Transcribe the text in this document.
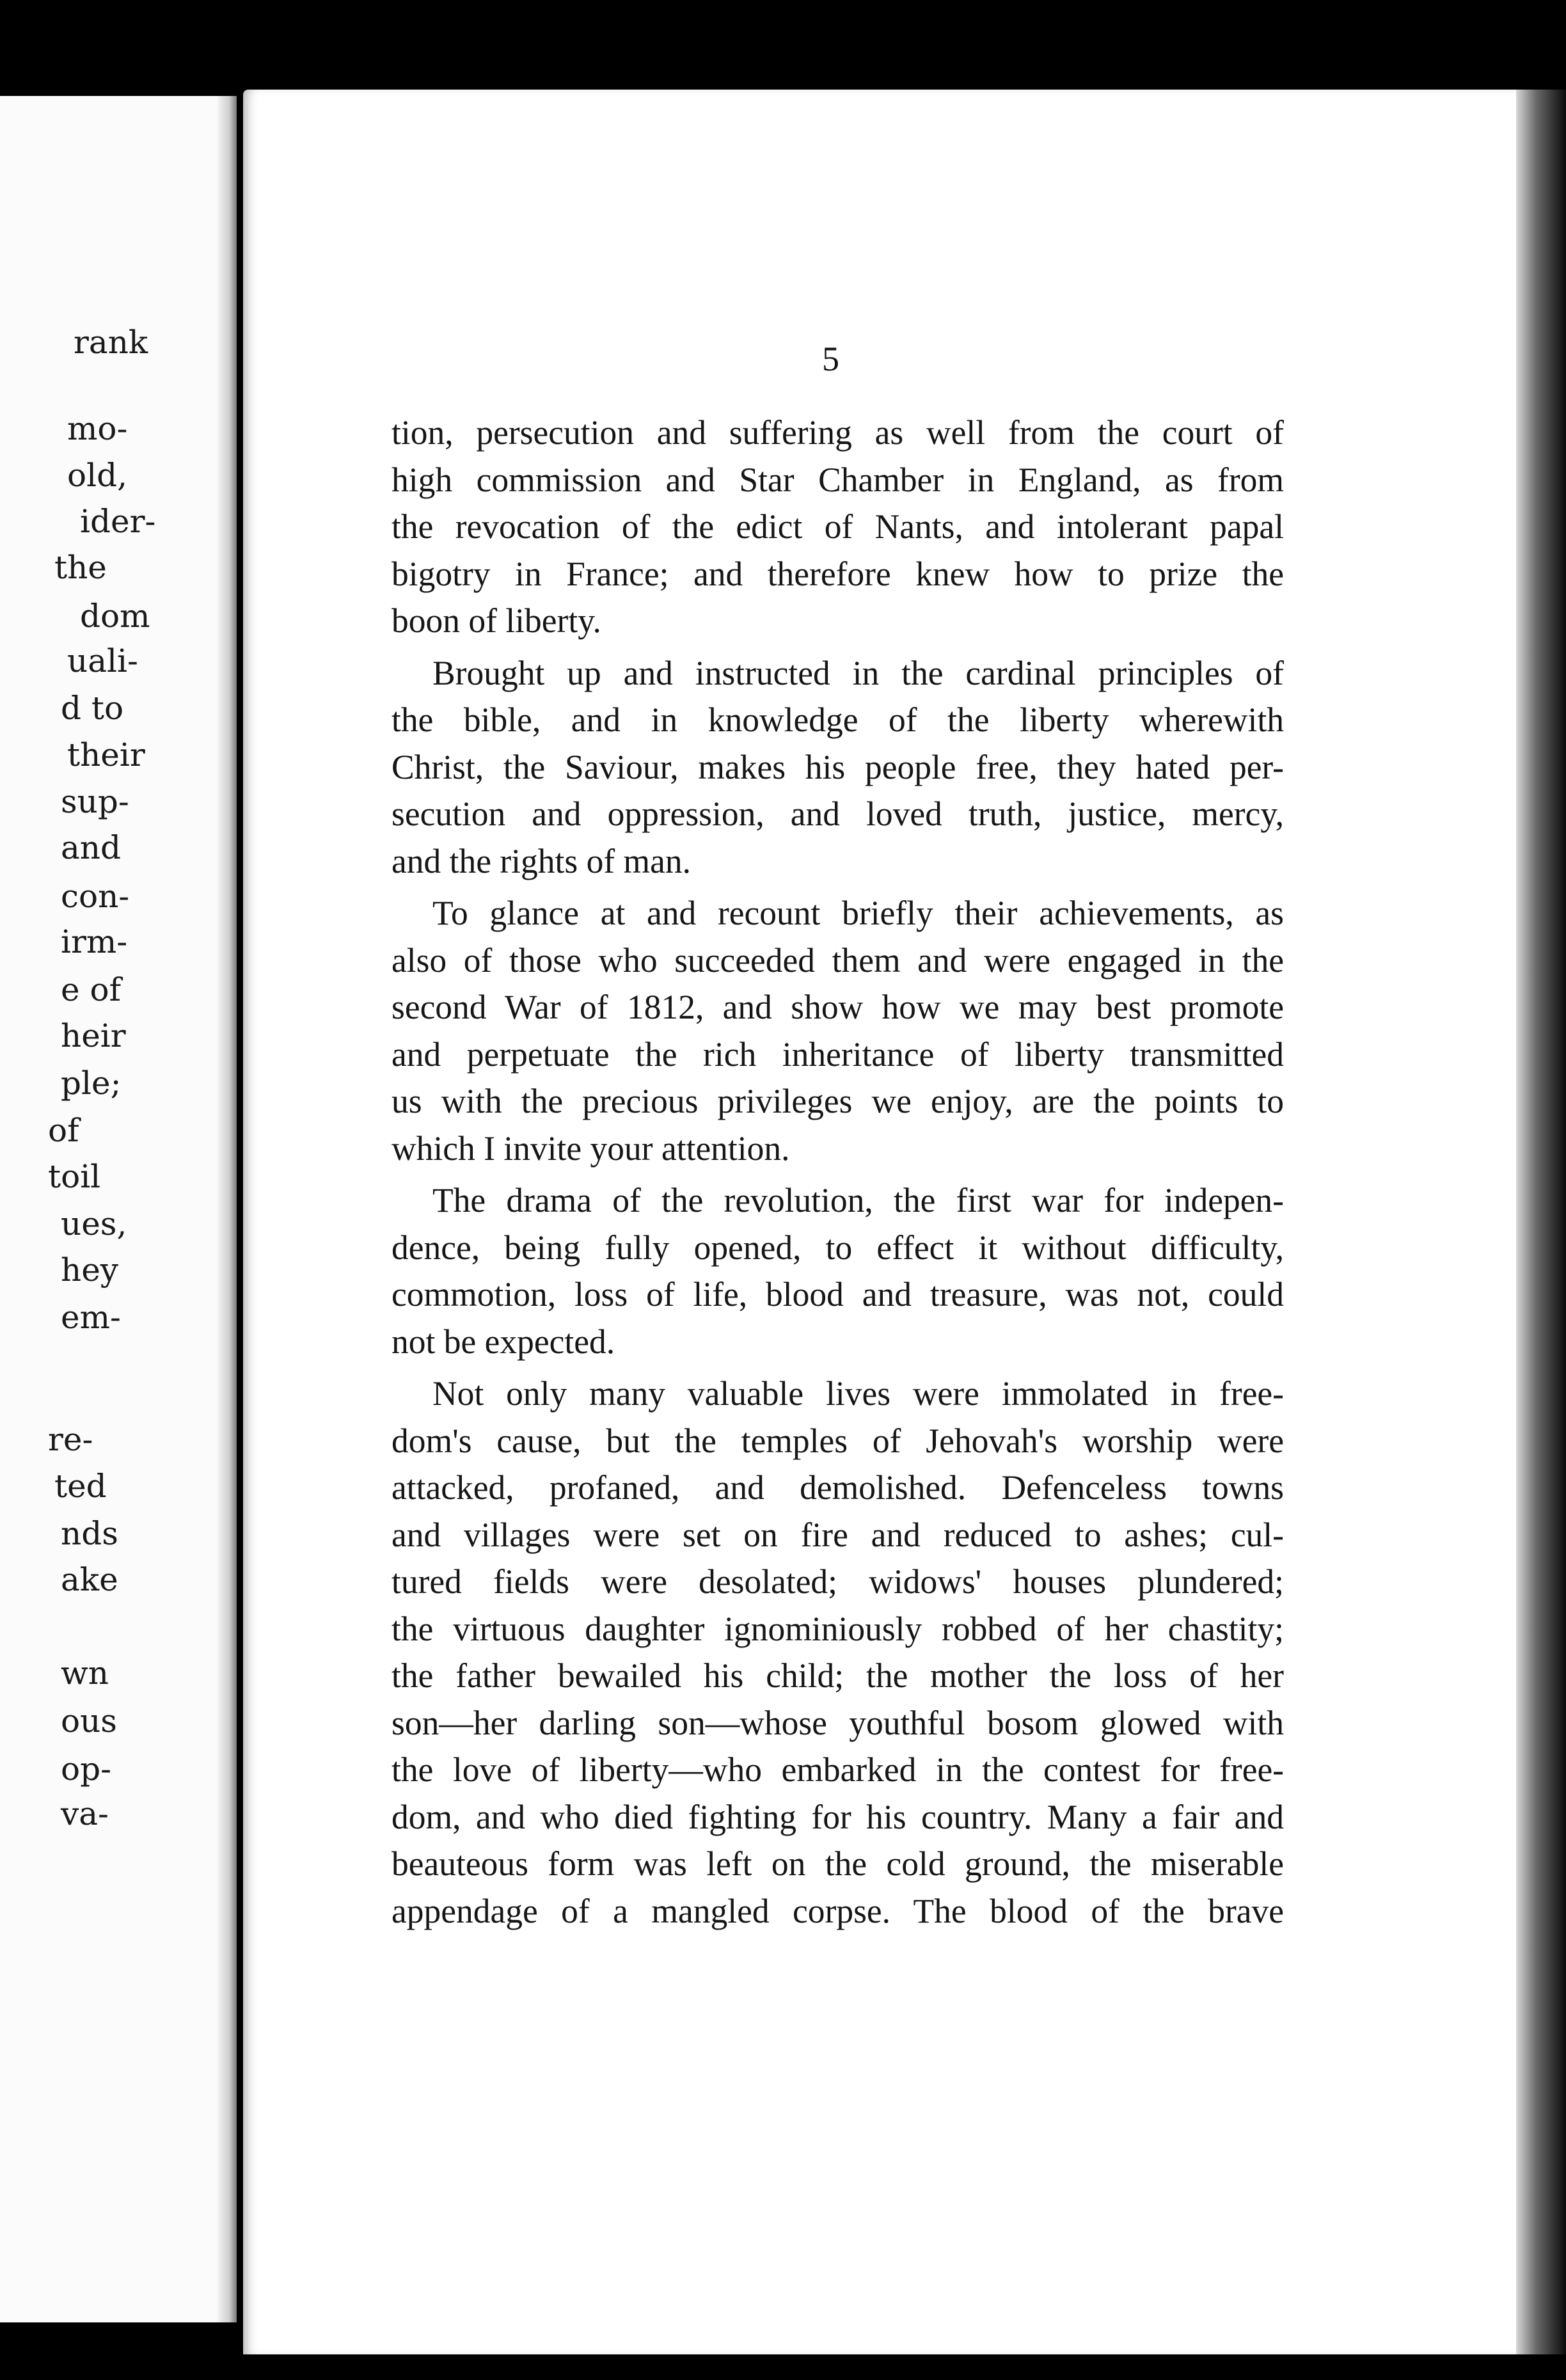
rank
mo-
old,
ider-
the
dom
uali-
d to
their
sup-
and
con-
irm-
e of
heir
ple;
of
toil
ues,
hey
em-
re-
ted
nds
ake
wn
ous
op-
va-
5
tion, persecution and suffering as well from the court of
high commission and Star Chamber in England, as from
the revocation of the edict of Nants, and intolerant papal
bigotry in France; and therefore knew how to prize the
boon of liberty.
Brought up and instructed in the cardinal principles of
the bible, and in knowledge of the liberty wherewith
Christ, the Saviour, makes his people free, they hated per-
secution and oppression, and loved truth, justice, mercy,
and the rights of man.
To glance at and recount briefly their achievements, as
also of those who succeeded them and were engaged in the
second War of 1812, and show how we may best promote
and perpetuate the rich inheritance of liberty transmitted
us with the precious privileges we enjoy, are the points to
which I invite your attention.
The drama of the revolution, the first war for indepen-
dence, being fully opened, to effect it without difficulty,
commotion, loss of life, blood and treasure, was not, could
not be expected.
Not only many valuable lives were immolated in free-
dom's cause, but the temples of Jehovah's worship were
attacked, profaned, and demolished. Defenceless towns
and villages were set on fire and reduced to ashes; cul-
tured fields were desolated; widows' houses plundered;
the virtuous daughter ignominiously robbed of her chastity;
the father bewailed his child; the mother the loss of her
son—her darling son—whose youthful bosom glowed with
the love of liberty—who embarked in the contest for free-
dom, and who died fighting for his country. Many a fair and
beauteous form was left on the cold ground, the miserable
appendage of a mangled corpse. The blood of the brave
